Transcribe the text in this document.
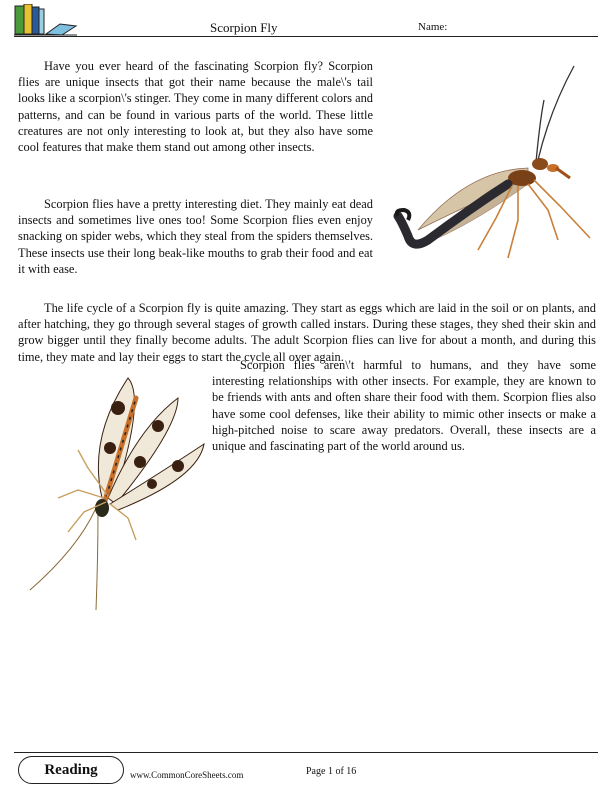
Scorpion Fly	Name:

Have you ever heard of the fascinating Scorpion fly? Scorpion flies are unique insects that got their name because the male\'s tail looks like a scorpion\'s stinger. They come in many different colors and patterns, and can be found in various parts of the world. These little creatures are not only interesting to look at, but they also have some cool features that make them stand out among other insects.

Scorpion flies have a pretty interesting diet. They mainly eat dead insects and sometimes live ones too! Some Scorpion flies even enjoy snacking on spider webs, which they steal from the spiders themselves. These insects use their long beak-like mouths to grab their food and eat it with ease.

The life cycle of a Scorpion fly is quite amazing. They start as eggs which are laid in the soil or on plants, and after hatching, they go through several stages of growth called instars. During these stages, they shed their skin and grow bigger until they finally become adults. The adult Scorpion flies can live for about a month, and during this time, they mate and lay their eggs to start the cycle all over again.

Scorpion flies aren\'t harmful to humans, and they have some interesting relationships with other insects. For example, they are known to be friends with ants and often share their food with them. Scorpion flies also have some cool defenses, like their ability to mimic other insects or make a high-pitched noise to scare away predators. Overall, these insects are a unique and fascinating part of the world around us.

Reading	www.CommonCoreSheets.com	Page 1 of 16
